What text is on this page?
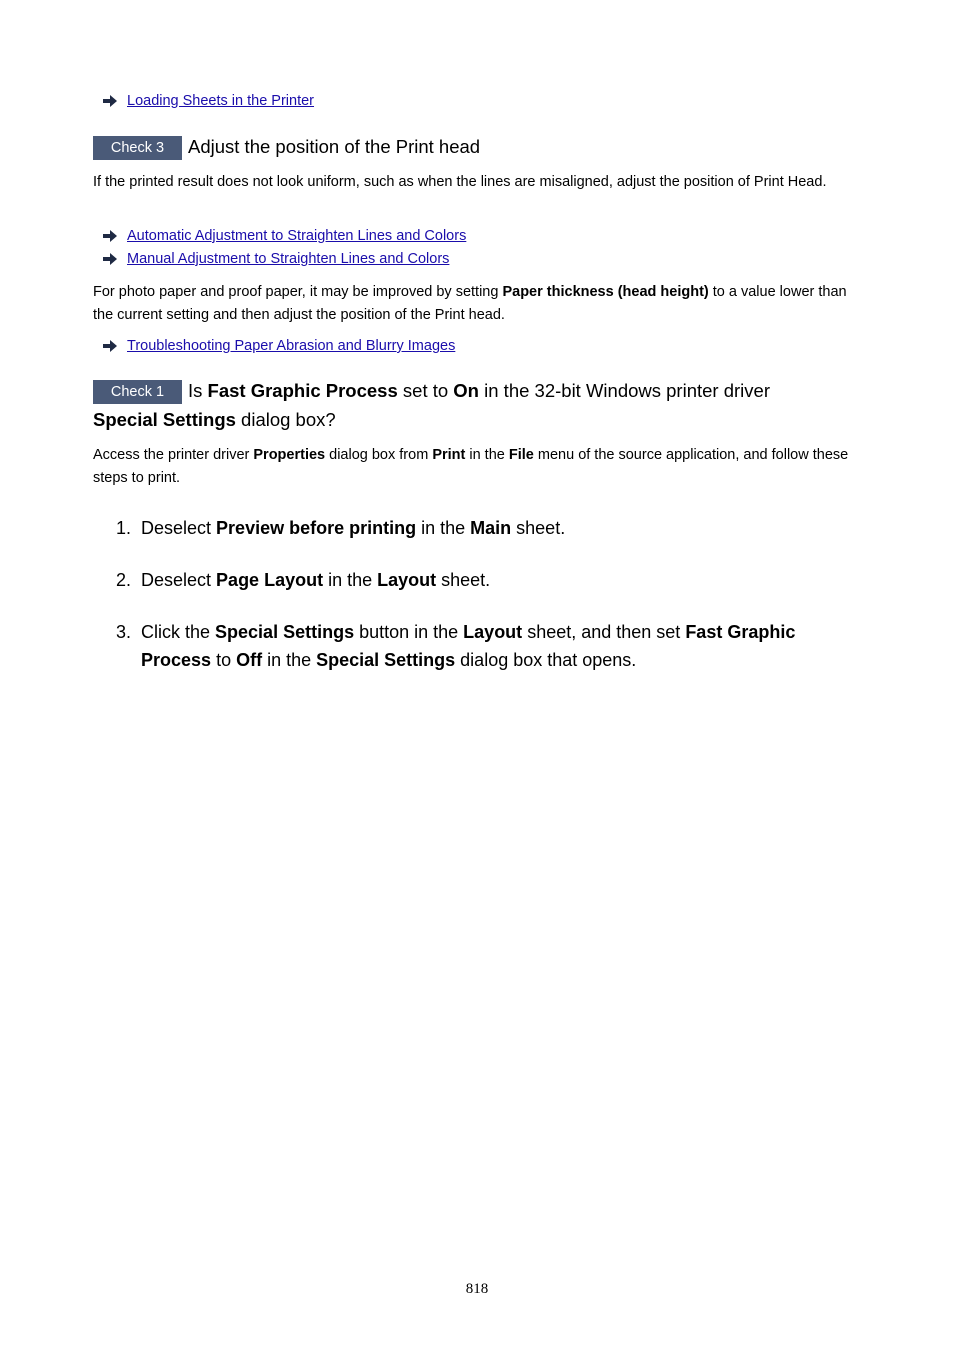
Loading Sheets in the Printer
Check 3	Adjust the position of the Print head
If the printed result does not look uniform, such as when the lines are misaligned, adjust the position of Print Head.
Automatic Adjustment to Straighten Lines and Colors
Manual Adjustment to Straighten Lines and Colors
For photo paper and proof paper, it may be improved by setting Paper thickness (head height) to a value lower than the current setting and then adjust the position of the Print head.
Troubleshooting Paper Abrasion and Blurry Images
Check 1	Is Fast Graphic Process set to On in the 32-bit Windows printer driver
Special Settings dialog box?
Access the printer driver Properties dialog box from Print in the File menu of the source application, and follow these steps to print.
1. Deselect Preview before printing in the Main sheet.
2. Deselect Page Layout in the Layout sheet.
3. Click the Special Settings button in the Layout sheet, and then set Fast Graphic Process to Off in the Special Settings dialog box that opens.
818
